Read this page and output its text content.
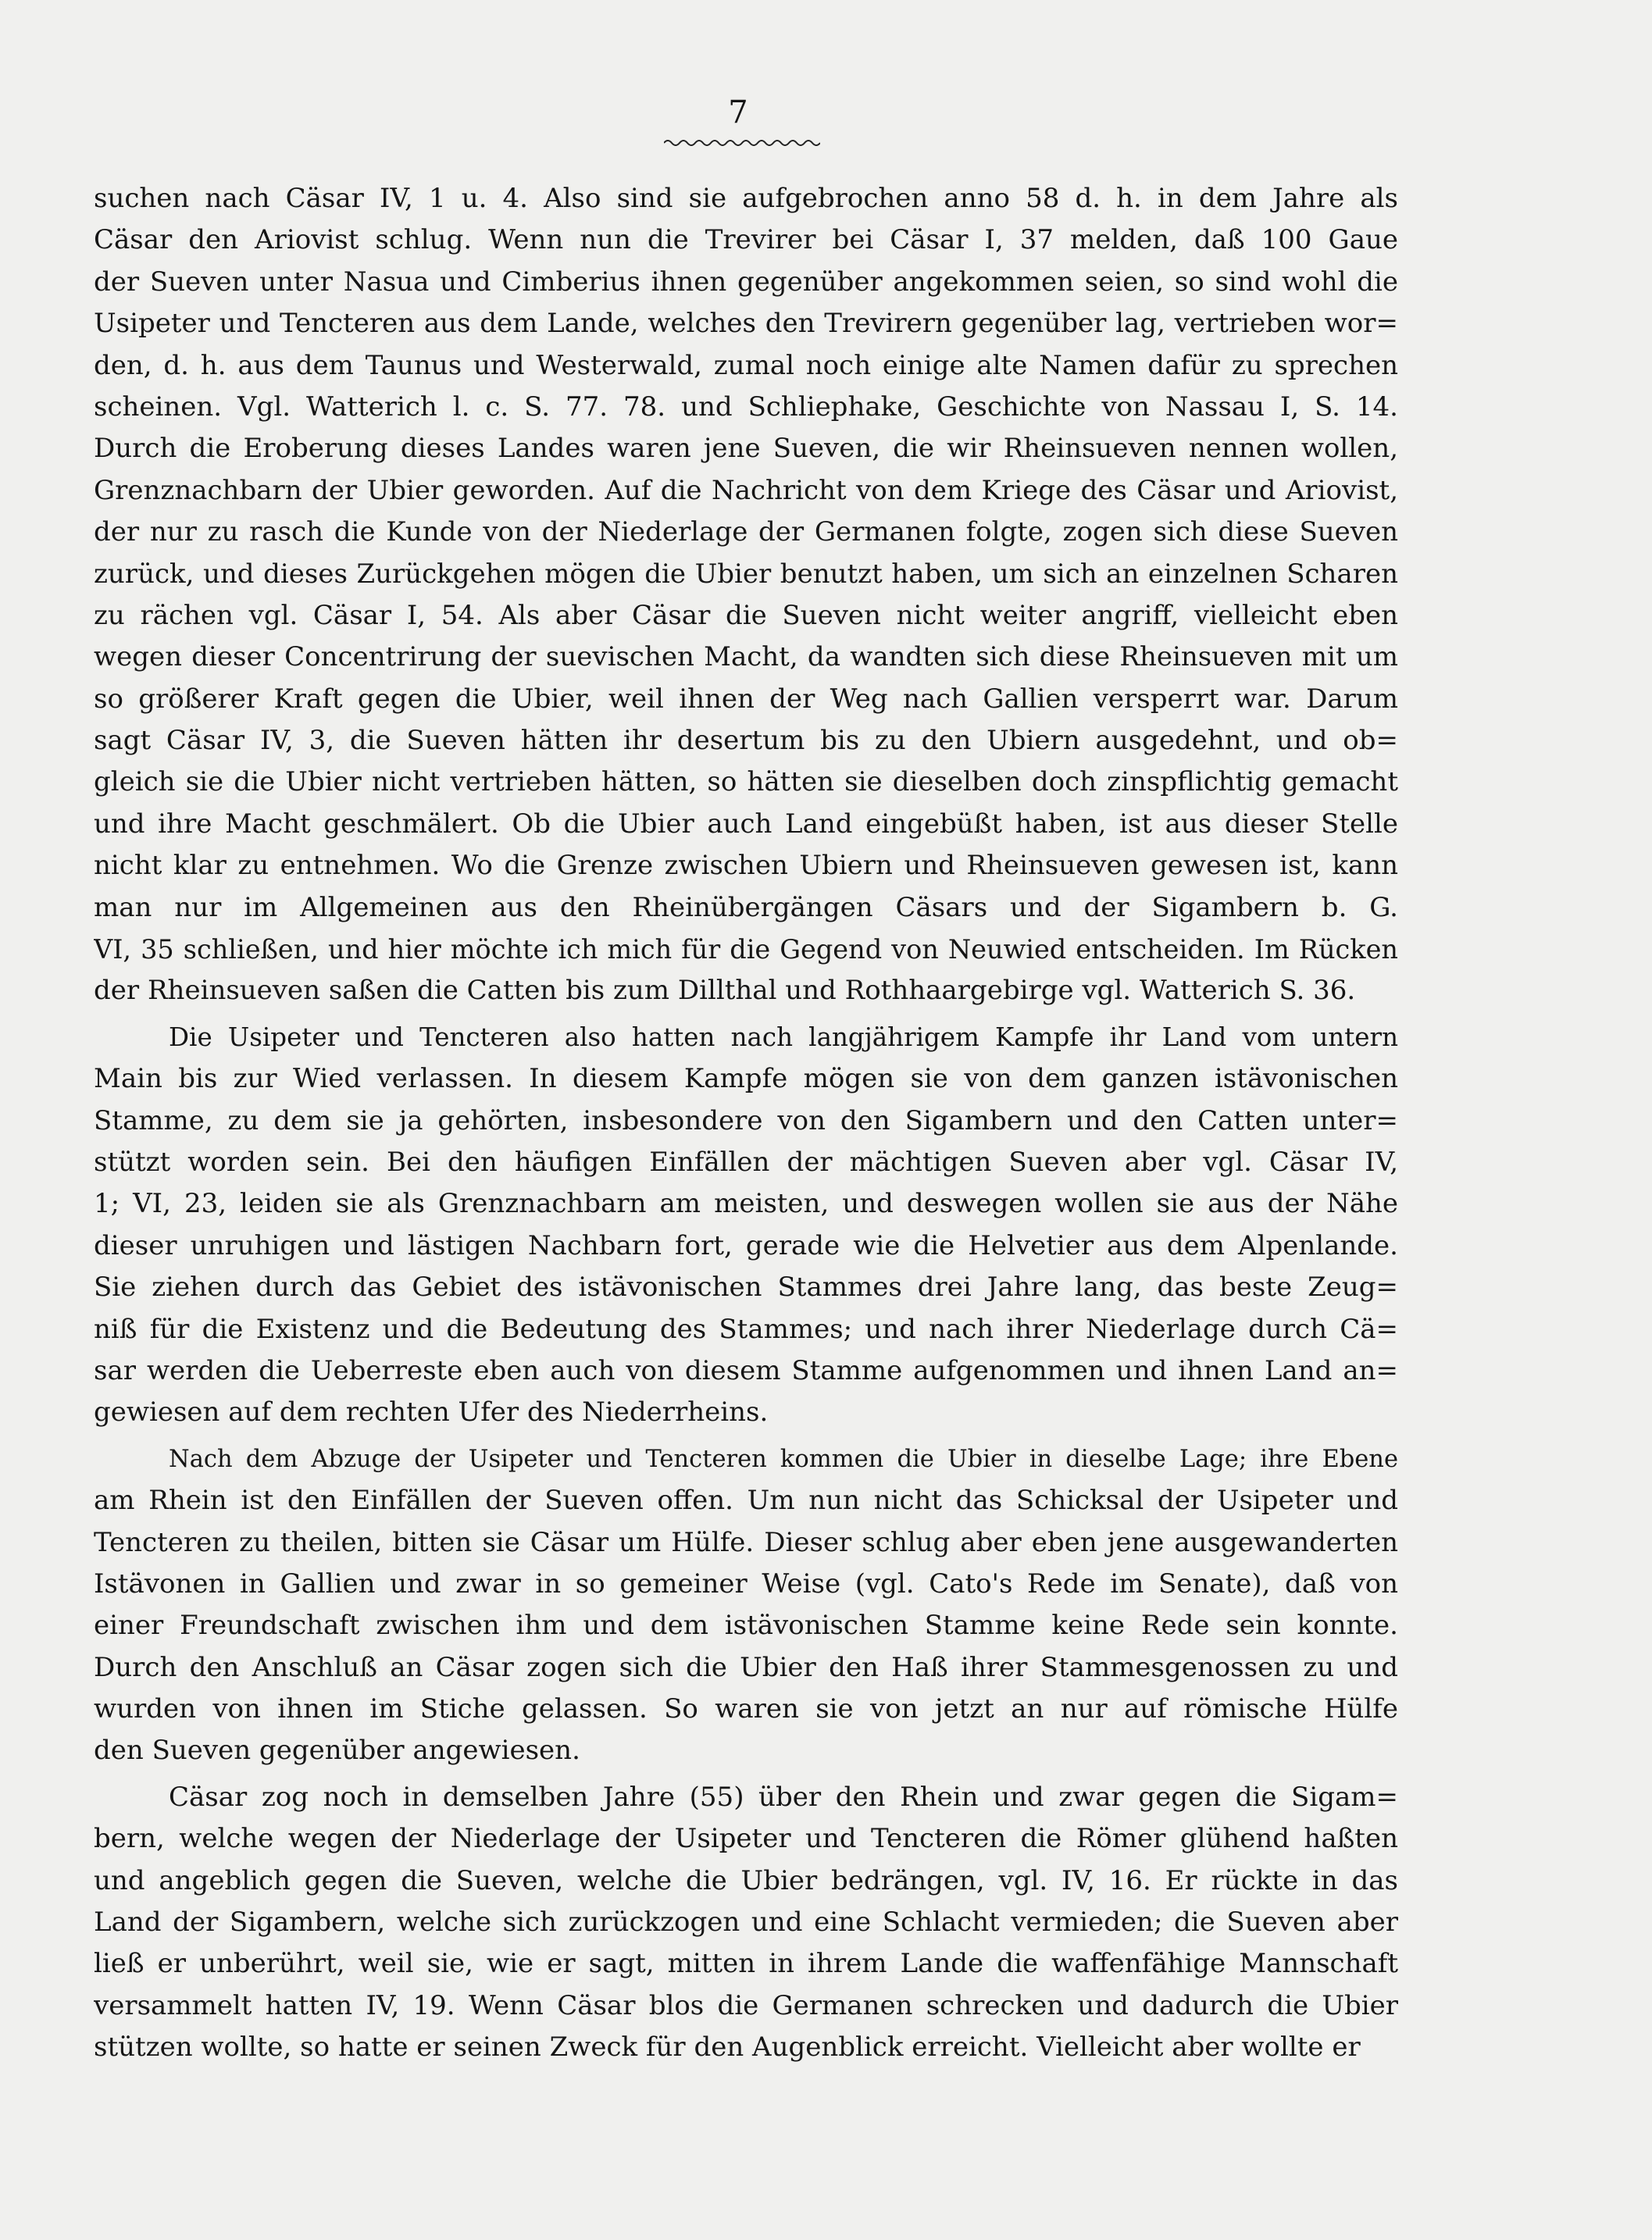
7
suchen nach Cäsar IV, 1 u. 4. Also sind sie aufgebrochen anno 58 d. h. in dem Jahre als
Cäsar den Ariovist schlug. Wenn nun die Trevirer bei Cäsar I, 37 melden, daß 100 Gaue
der Sueven unter Nasua und Cimberius ihnen gegenüber angekommen seien, so sind wohl die
Usipeter und Tencteren aus dem Lande, welches den Trevirern gegenüber lag, vertrieben wor=
den, d. h. aus dem Taunus und Westerwald, zumal noch einige alte Namen dafür zu sprechen
scheinen. Vgl. Watterich l. c. S. 77. 78. und Schliephake, Geschichte von Nassau I, S. 14.
Durch die Eroberung dieses Landes waren jene Sueven, die wir Rheinsueven nennen wollen,
Grenznachbarn der Ubier geworden. Auf die Nachricht von dem Kriege des Cäsar und Ariovist,
der nur zu rasch die Kunde von der Niederlage der Germanen folgte, zogen sich diese Sueven
zurück, und dieses Zurückgehen mögen die Ubier benutzt haben, um sich an einzelnen Scharen
zu rächen vgl. Cäsar I, 54. Als aber Cäsar die Sueven nicht weiter angriff, vielleicht eben
wegen dieser Concentrirung der suevischen Macht, da wandten sich diese Rheinsueven mit um
so größerer Kraft gegen die Ubier, weil ihnen der Weg nach Gallien versperrt war. Darum
sagt Cäsar IV, 3, die Sueven hätten ihr desertum bis zu den Ubiern ausgedehnt, und ob=
gleich sie die Ubier nicht vertrieben hätten, so hätten sie dieselben doch zinspflichtig gemacht
und ihre Macht geschmälert. Ob die Ubier auch Land eingebüßt haben, ist aus dieser Stelle
nicht klar zu entnehmen. Wo die Grenze zwischen Ubiern und Rheinsueven gewesen ist, kann
man nur im Allgemeinen aus den Rheinübergängen Cäsars und der Sigambern b. G.
VI, 35 schließen, und hier möchte ich mich für die Gegend von Neuwied entscheiden. Im Rücken
der Rheinsueven saßen die Catten bis zum Dillthal und Rothhaargebirge vgl. Watterich S. 36.
Die Usipeter und Tencteren also hatten nach langjährigem Kampfe ihr Land vom untern
Main bis zur Wied verlassen. In diesem Kampfe mögen sie von dem ganzen istävonischen
Stamme, zu dem sie ja gehörten, insbesondere von den Sigambern und den Catten unter=
stützt worden sein. Bei den häufigen Einfällen der mächtigen Sueven aber vgl. Cäsar IV,
1; VI, 23, leiden sie als Grenznachbarn am meisten, und deswegen wollen sie aus der Nähe
dieser unruhigen und lästigen Nachbarn fort, gerade wie die Helvetier aus dem Alpenlande.
Sie ziehen durch das Gebiet des istävonischen Stammes drei Jahre lang, das beste Zeug=
niß für die Existenz und die Bedeutung des Stammes; und nach ihrer Niederlage durch Cä=
sar werden die Ueberreste eben auch von diesem Stamme aufgenommen und ihnen Land an=
gewiesen auf dem rechten Ufer des Niederrheins.
Nach dem Abzuge der Usipeter und Tencteren kommen die Ubier in dieselbe Lage; ihre Ebene
am Rhein ist den Einfällen der Sueven offen. Um nun nicht das Schicksal der Usipeter und
Tencteren zu theilen, bitten sie Cäsar um Hülfe. Dieser schlug aber eben jene ausgewanderten
Istävonen in Gallien und zwar in so gemeiner Weise (vgl. Cato's Rede im Senate), daß von
einer Freundschaft zwischen ihm und dem istävonischen Stamme keine Rede sein konnte.
Durch den Anschluß an Cäsar zogen sich die Ubier den Haß ihrer Stammesgenossen zu und
wurden von ihnen im Stiche gelassen. So waren sie von jetzt an nur auf römische Hülfe
den Sueven gegenüber angewiesen.
Cäsar zog noch in demselben Jahre (55) über den Rhein und zwar gegen die Sigam=
bern, welche wegen der Niederlage der Usipeter und Tencteren die Römer glühend haßten
und angeblich gegen die Sueven, welche die Ubier bedrängen, vgl. IV, 16. Er rückte in das
Land der Sigambern, welche sich zurückzogen und eine Schlacht vermieden; die Sueven aber
ließ er unberührt, weil sie, wie er sagt, mitten in ihrem Lande die waffenfähige Mannschaft
versammelt hatten IV, 19. Wenn Cäsar blos die Germanen schrecken und dadurch die Ubier
stützen wollte, so hatte er seinen Zweck für den Augenblick erreicht. Vielleicht aber wollte er
